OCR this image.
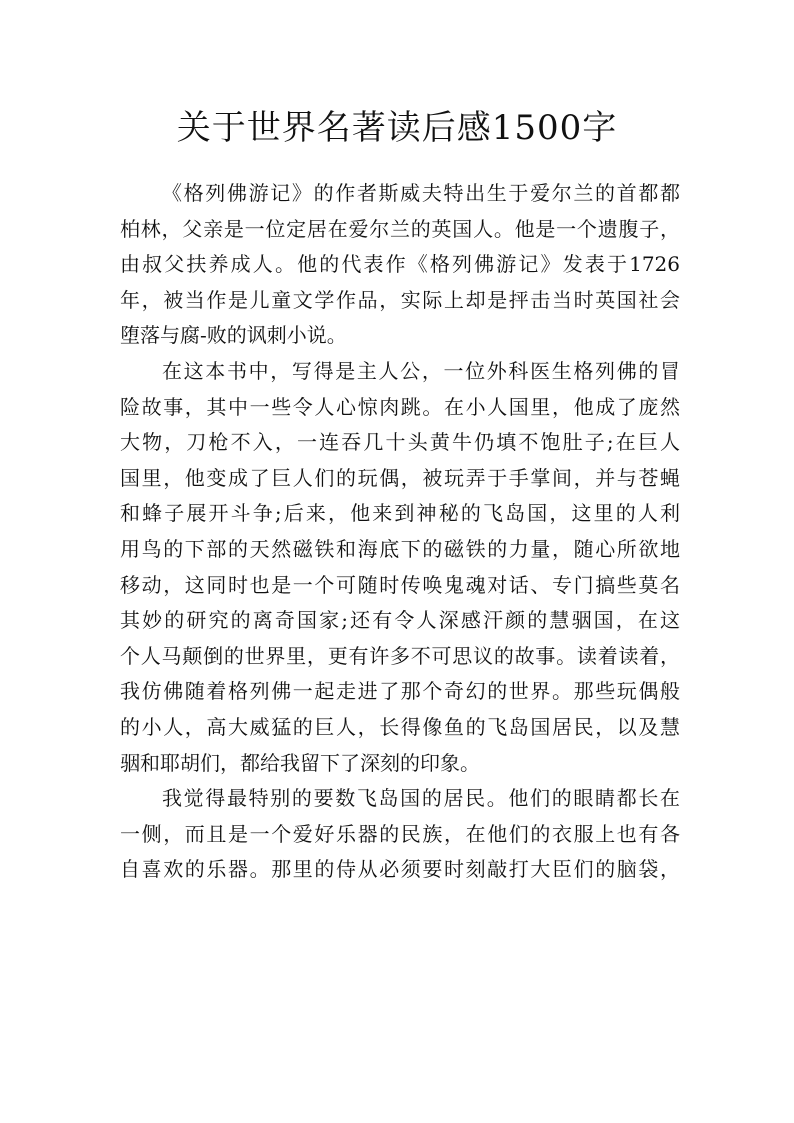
关于世界名著读后感1500字
《格列佛游记》的作者斯威夫特出生于爱尔兰的首都都
柏林，父亲是一位定居在爱尔兰的英国人。他是一个遗腹子，
由叔父扶养成人。他的代表作《格列佛游记》发表于1726
年，被当作是儿童文学作品，实际上却是抨击当时英国社会
堕落与腐-败的讽刺小说。
在这本书中，写得是主人公，一位外科医生格列佛的冒
险故事，其中一些令人心惊肉跳。在小人国里，他成了庞然
大物，刀枪不入，一连吞几十头黄牛仍填不饱肚子;在巨人
国里，他变成了巨人们的玩偶，被玩弄于手掌间，并与苍蝇
和蜂子展开斗争;后来，他来到神秘的飞岛国，这里的人利
用鸟的下部的天然磁铁和海底下的磁铁的力量，随心所欲地
移动，这同时也是一个可随时传唤鬼魂对话、专门搞些莫名
其妙的研究的离奇国家;还有令人深感汗颜的慧骃国，在这
个人马颠倒的世界里，更有许多不可思议的故事。读着读着，
我仿佛随着格列佛一起走进了那个奇幻的世界。那些玩偶般
的小人，高大威猛的巨人，长得像鱼的飞岛国居民，以及慧
骃和耶胡们，都给我留下了深刻的印象。
我觉得最特别的要数飞岛国的居民。他们的眼睛都长在
一侧，而且是一个爱好乐器的民族，在他们的衣服上也有各
自喜欢的乐器。那里的侍从必须要时刻敲打大臣们的脑袋，
